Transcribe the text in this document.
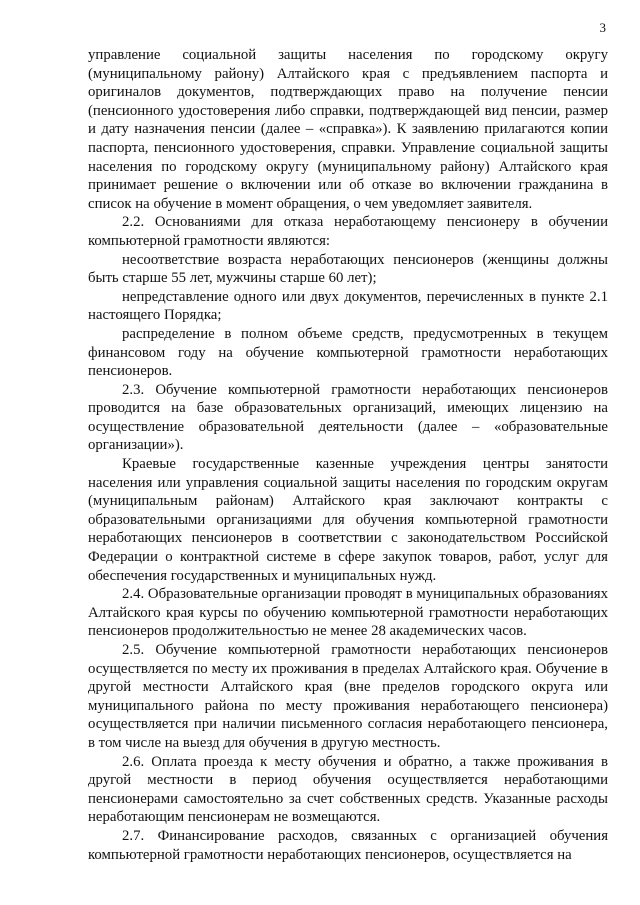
3

управление социальной защиты населения по городскому округу (муниципальному району) Алтайского края с предъявлением паспорта и оригиналов документов, подтверждающих право на получение пенсии (пенсионного удостоверения либо справки, подтверждающей вид пенсии, размер и дату назначения пенсии (далее – «справка»). К заявлению прилагаются копии паспорта, пенсионного удостоверения, справки. Управление социальной защиты населения по городскому округу (муниципальному району) Алтайского края принимает решение о включении или об отказе во включении гражданина в список на обучение в момент обращения, о чем уведомляет заявителя.

2.2. Основаниями для отказа неработающему пенсионеру в обучении компьютерной грамотности являются:

несоответствие возраста неработающих пенсионеров (женщины должны быть старше 55 лет, мужчины старше 60 лет);

непредставление одного или двух документов, перечисленных в пункте 2.1 настоящего Порядка;

распределение в полном объеме средств, предусмотренных в текущем финансовом году на обучение компьютерной грамотности неработающих пенсионеров.

2.3. Обучение компьютерной грамотности неработающих пенсионеров проводится на базе образовательных организаций, имеющих лицензию на осуществление образовательной деятельности (далее – «образовательные организации»).

Краевые государственные казенные учреждения центры занятости населения или управления социальной защиты населения по городским округам (муниципальным районам) Алтайского края заключают контракты с образовательными организациями для обучения компьютерной грамотности неработающих пенсионеров в соответствии с законодательством Российской Федерации о контрактной системе в сфере закупок товаров, работ, услуг для обеспечения государственных и муниципальных нужд.

2.4. Образовательные организации проводят в муниципальных образованиях Алтайского края курсы по обучению компьютерной грамотности неработающих пенсионеров продолжительностью не менее 28 академических часов.

2.5. Обучение компьютерной грамотности неработающих пенсионеров осуществляется по месту их проживания в пределах Алтайского края. Обучение в другой местности Алтайского края (вне пределов городского округа или муниципального района по месту проживания неработающего пенсионера) осуществляется при наличии письменного согласия неработающего пенсионера, в том числе на выезд для обучения в другую местность.

2.6. Оплата проезда к месту обучения и обратно, а также проживания в другой местности в период обучения осуществляется неработающими пенсионерами самостоятельно за счет собственных средств. Указанные расходы неработающим пенсионерам не возмещаются.

2.7. Финансирование расходов, связанных с организацией обучения компьютерной грамотности неработающих пенсионеров, осуществляется на
